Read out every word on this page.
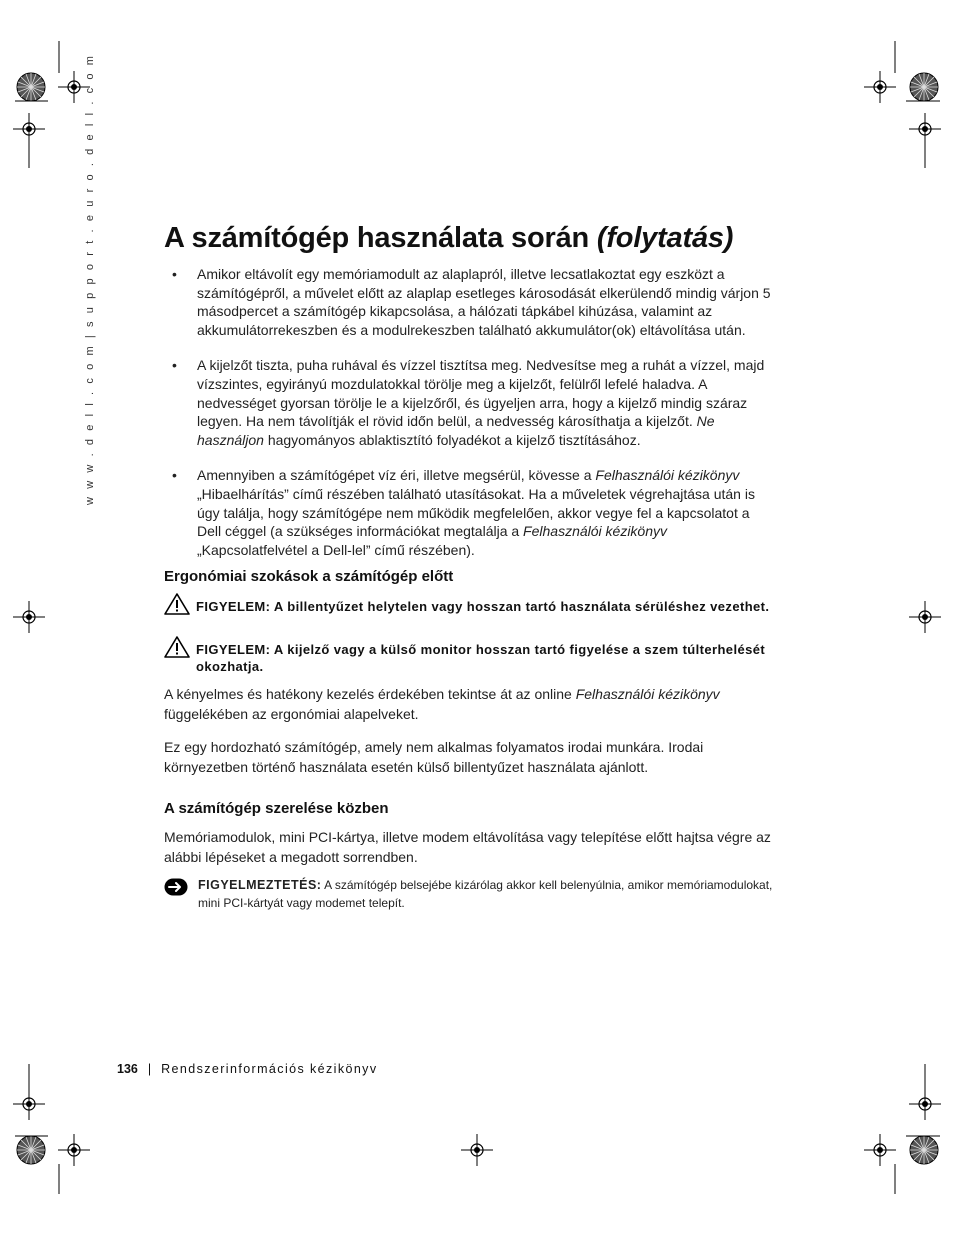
w w w . d e l l . c o m | s u p p o r t . e u r o . d e l l . c o m A számítógép használata során (folytatás)
• Amikor eltávolít egy memóriamodult az alaplapról, illetve lecsatlakoztat egy eszközt a számítógépről, a művelet előtt az alaplap esetleges károsodását elkerülendő mindig várjon 5 másodpercet a számítógép kikapcsolása, a hálózati tápkábel kihúzása, valamint az akkumulátorrekeszben és a modulrekeszben található akkumulátor(ok) eltávolítása után.
• A kijelzőt tiszta, puha ruhával és vízzel tisztítsa meg. Nedvesítse meg a ruhát a vízzel, majd vízszintes, egyirányú mozdulatokkal törölje meg a kijelzőt, felülről lefelé haladva. A nedvességet gyorsan törölje le a kijelzőről, és ügyeljen arra, hogy a kijelző mindig száraz legyen. Ha nem távolítják el rövid időn belül, a nedvesség károsíthatja a kijelzőt. Ne használjon hagyományos ablaktisztító folyadékot a kijelző tisztításához.
• Amennyiben a számítógépet víz éri, illetve megsérül, kövesse a Felhasználói kézikönyv „Hibaelhárítás” című részében található utasításokat. Ha a műveletek végrehajtása után is úgy találja, hogy számítógépe nem működik megfelelően, akkor vegye fel a kapcsolatot a Dell céggel (a szükséges információkat megtalálja a Felhasználói kézikönyv „Kapcsolatfelvétel a Dell-lel” című részében).
Ergonómiai szokások a számítógép előtt
FIGYELEM: A billentyűzet helytelen vagy hosszan tartó használata sérüléshez vezethet.
FIGYELEM: A kijelző vagy a külső monitor hosszan tartó figyelése a szem túlterhelését okozhatja.
A kényelmes és hatékony kezelés érdekében tekintse át az online Felhasználói kézikönyv függelékében az ergonómiai alapelveket.
Ez egy hordozható számítógép, amely nem alkalmas folyamatos irodai munkára. Irodai környezetben történő használata esetén külső billentyűzet használata ajánlott.
A számítógép szerelése közben
Memóriamodulok, mini PCI-kártya, illetve modem eltávolítása vagy telepítése előtt hajtsa végre az alábbi lépéseket a megadott sorrendben.
FIGYELMEZTETÉS: A számítógép belsejébe kizárólag akkor kell belenyúlnia, amikor memóriamodulokat, mini PCI-kártyát vagy modemet telepít.
136 | Rendszerinformációs kézikönyv
